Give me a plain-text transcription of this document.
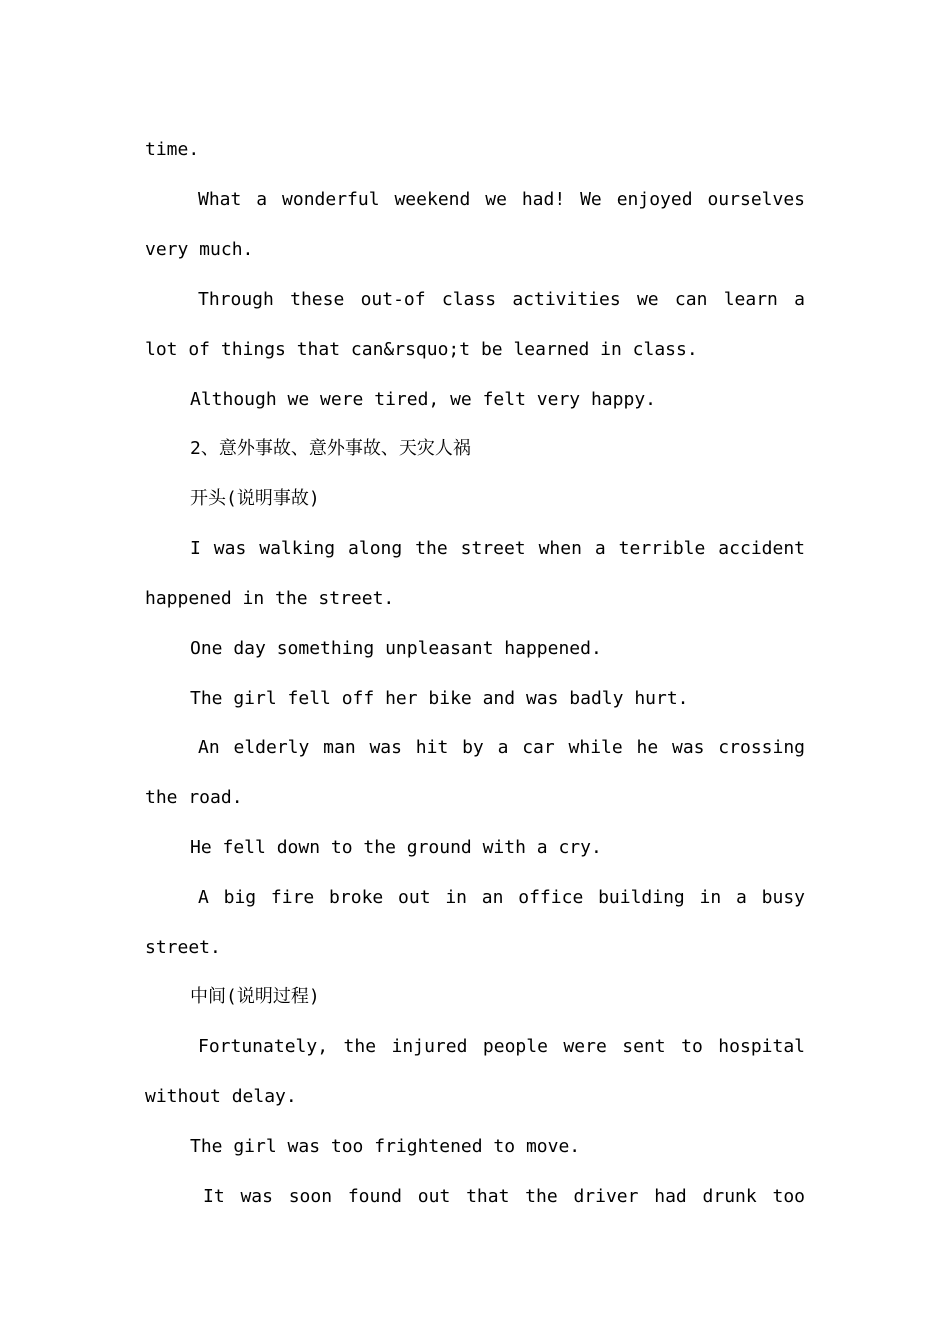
time.
What a wonderful weekend we had! We enjoyed ourselves
very much.
Through these out-of class activities we can learn a
lot of things that can&rsquo;t be learned in class.
Although we were tired, we felt very happy.
2、意外事故、意外事故、天灾人祸
开头(说明事故)
I was walking along the street when a terrible accident
happened in the street.
One day something unpleasant happened.
The girl fell off her bike and was badly hurt.
An elderly man was hit by a car while he was crossing
the road.
He fell down to the ground with a cry.
A big fire broke out in an office building in a busy
street.
中间(说明过程)
Fortunately, the injured people were sent to hospital
without delay.
The girl was too frightened to move.
It was soon found out that the driver had drunk too
